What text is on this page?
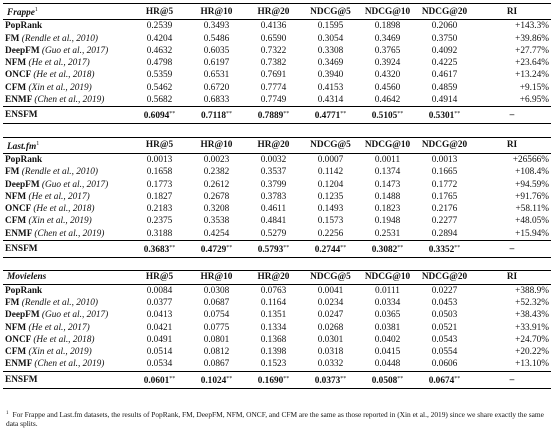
Frappe$^1$	HR@5	HR@10	HR@20	NDCG@5	NDCG@10	NDCG@20	RI
PopRank	0.2539	0.3493	0.4136	0.1595	0.1898	0.2060	+143.3%
FM (Rendle et al., 2010)	0.4204	0.5486	0.6590	0.3054	0.3469	0.3750	+39.86%
DeepFM (Guo et al., 2017)	0.4632	0.6035	0.7322	0.3308	0.3765	0.4092	+27.77%
NFM (He et al., 2017)	0.4798	0.6197	0.7382	0.3469	0.3924	0.4225	+23.64%
ONCF (He et al., 2018)	0.5359	0.6531	0.7691	0.3940	0.4320	0.4617	+13.24%
CFM (Xin et al., 2019)	0.5462	0.6720	0.7774	0.4153	0.4560	0.4859	+9.15%
ENMF (Chen et al., 2019)	0.5682	0.6833	0.7749	0.4314	0.4642	0.4914	+6.95%
ENSFM	0.6094**	0.7118**	0.7889**	0.4771**	0.5105**	0.5301**	–

$Last.fm^1$	HR@5	HR@10	HR@20	NDCG@5	NDCG@10	NDCG@20	RI
PopRank	0.0013	0.0023	0.0032	0.0007	0.0011	0.0013	+26566%
FM (Rendle et al., 2010)	0.1658	0.2382	0.3537	0.1142	0.1374	0.1665	+108.4%
DeepFM (Guo et al., 2017)	0.1773	0.2612	0.3799	0.1204	0.1473	0.1772	+94.59%
NFM (He et al., 2017)	0.1827	0.2678	0.3783	0.1235	0.1488	0.1765	+91.76%
ONCF (He et al., 2018)	0.2183	0.3208	0.4611	0.1493	0.1823	0.2176	+58.11%
CFM (Xin et al., 2019)	0.2375	0.3538	0.4841	0.1573	0.1948	0.2277	+48.05%
ENMF (Chen et al., 2019)	0.3188	0.4254	0.5279	0.2256	0.2531	0.2894	+15.94%
ENSFM	0.3683**	0.4729**	0.5793**	0.2744**	0.3082**	0.3352**	–

Movielens	HR@5	HR@10	HR@20	NDCG@5	NDCG@10	NDCG@20	RI
PopRank	0.0084	0.0308	0.0763	0.0041	0.0111	0.0227	+388.9%
FM (Rendle et al., 2010)	0.0377	0.0687	0.1164	0.0234	0.0334	0.0453	+52.32%
DeepFM (Guo et al., 2017)	0.0413	0.0754	0.1351	0.0247	0.0365	0.0503	+38.43%
NFM (He et al., 2017)	0.0421	0.0775	0.1334	0.0268	0.0381	0.0521	+33.91%
ONCF (He et al., 2018)	0.0491	0.0801	0.1368	0.0301	0.0402	0.0543	+24.70%
CFM (Xin et al., 2019)	0.0514	0.0812	0.1398	0.0318	0.0415	0.0554	+20.22%
ENMF (Chen et al., 2019)	0.0534	0.0867	0.1523	0.0332	0.0448	0.0606	+13.10%
ENSFM	0.0601**	0.1024**	0.1690**	0.0373**	0.0508**	0.0674**	–
$^1$ For Frappe and Last.fm datasets, the results of PopRank, FM, DeepFM, NFM, ONCF, and CFM are the same as those reported in (Xin et al., 2019) since we share exactly the same data splits.
